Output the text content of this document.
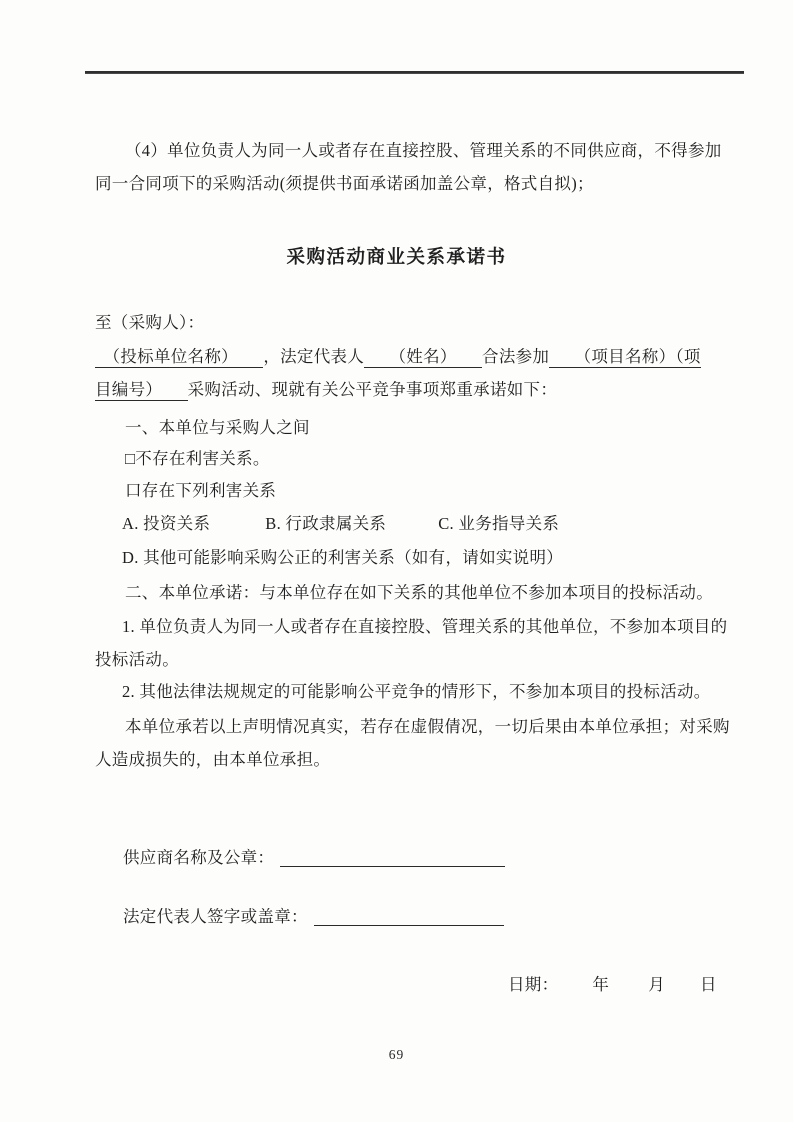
（4）单位负责人为同一人或者存在直接控股、管理关系的不同供应商，不得参加
同一合同项下的采购活动(须提供书面承诺函加盖公章，格式自拟)；
采购活动商业关系承诺书
至（采购人）：
　（投标单位名称）　　，法定代表人　　（姓名）　　合法参加　　（项目名称）（项
目编号）　　采购活动、现就有关公平竞争事项郑重承诺如下：
一、本单位与采购人之间
□不存在利害关系。
口存在下列利害关系
A. 投资关系	B. 行政隶属关系	C. 业务指导关系
D. 其他可能影响采购公正的利害关系（如有，请如实说明）
二、本单位承诺：与本单位存在如下关系的其他单位不参加本项目的投标活动。
1. 单位负责人为同一人或者存在直接控股、管理关系的其他单位，不参加本项目的
投标活动。
2. 其他法律法规规定的可能影响公平竞争的情形下，不参加本项目的投标活动。
本单位承若以上声明情况真实，若存在虚假倩况，一切后果由本单位承担；对采购
人造成损失的，由本单位承担。
供应商名称及公章：
法定代表人签字或盖章：
日期： 年 月 日
69
